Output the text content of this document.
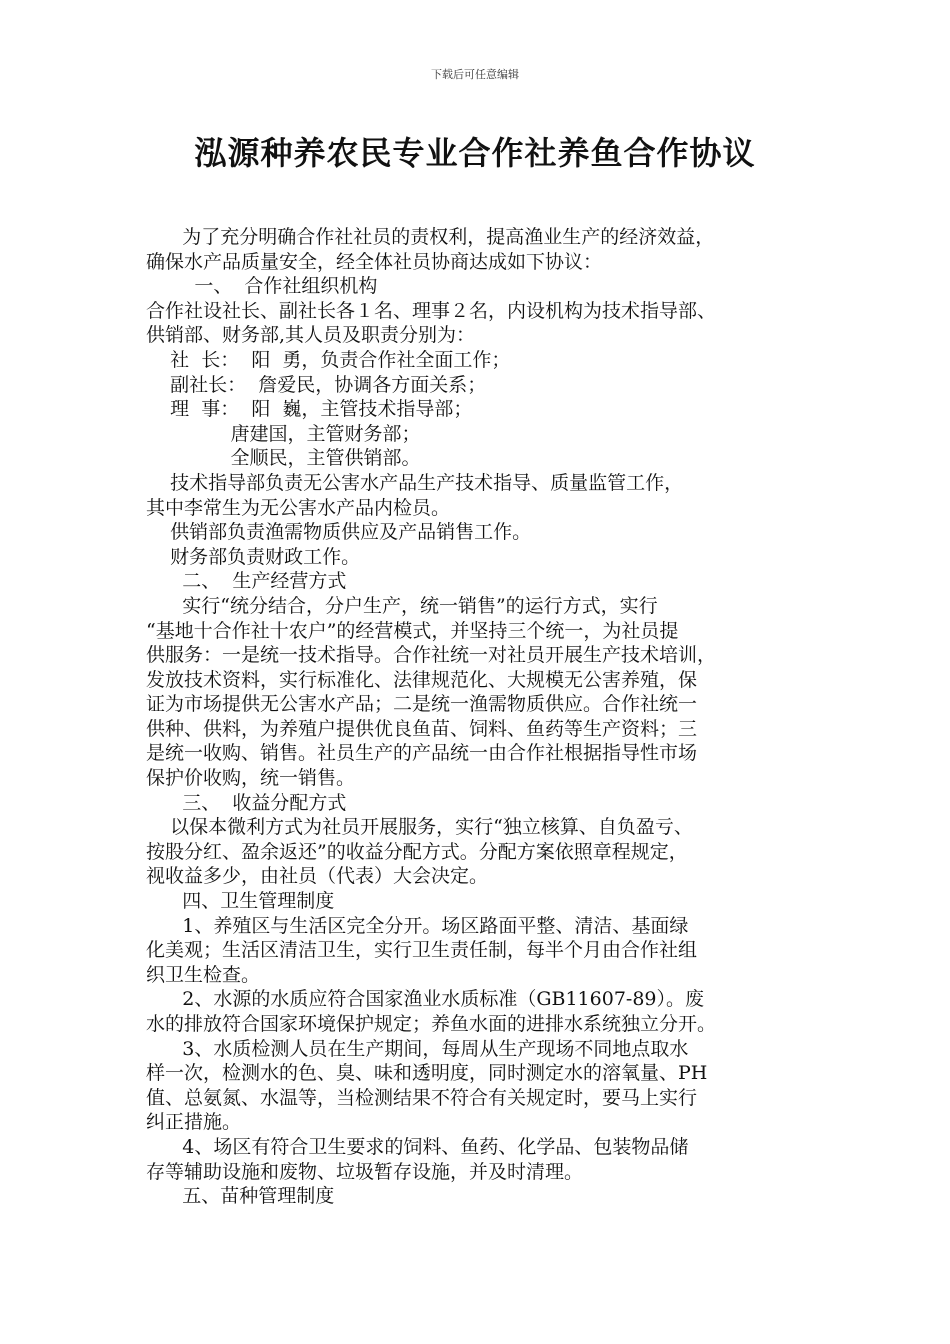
下载后可任意编辑
泓源种养农民专业合作社养鱼合作协议
为了充分明确合作社社员的责权利，提高渔业生产的经济效益，
确保水产品质量安全，经全体社员协商达成如下协议：
一、  合作社组织机构
合作社设社长、副社长各１名、理事２名，内设机构为技术指导部、
供销部、财务部,其人员及职责分别为：
社  长：  阳  勇，负责合作社全面工作；
副社长：  詹爱民，协调各方面关系；
理  事：  阳  巍，主管技术指导部；
唐建国，主管财务部；
全顺民，主管供销部。
技术指导部负责无公害水产品生产技术指导、质量监管工作，
其中李常生为无公害水产品内检员。
供销部负责渔需物质供应及产品销售工作。
财务部负责财政工作。
二、  生产经营方式
实行“统分结合，分户生产，统一销售”的运行方式，实行
“基地十合作社十农户”的经营模式，并坚持三个统一，为社员提
供服务：一是统一技术指导。合作社统一对社员开展生产技术培训，
发放技术资料，实行标准化、法律规范化、大规模无公害养殖，保
证为市场提供无公害水产品；二是统一渔需物质供应。合作社统一
供种、供料，为养殖户提供优良鱼苗、饲料、鱼药等生产资料；三
是统一收购、销售。社员生产的产品统一由合作社根据指导性市场
保护价收购，统一销售。
三、  收益分配方式
以保本微利方式为社员开展服务，实行“独立核算、自负盈亏、
按股分红、盈余返还”的收益分配方式。分配方案依照章程规定，
视收益多少，由社员（代表）大会决定。
四、卫生管理制度
1、养殖区与生活区完全分开。场区路面平整、清洁、基面绿
化美观；生活区清洁卫生，实行卫生责任制，每半个月由合作社组
织卫生检查。
2、水源的水质应符合国家渔业水质标准（GB11607-89）。废
水的排放符合国家环境保护规定；养鱼水面的进排水系统独立分开。
3、水质检测人员在生产期间，每周从生产现场不同地点取水
样一次，检测水的色、臭、味和透明度，同时测定水的溶氧量、PH
值、总氨氮、水温等，当检测结果不符合有关规定时，要马上实行
纠正措施。
4、场区有符合卫生要求的饲料、鱼药、化学品、包装物品储
存等辅助设施和废物、垃圾暂存设施，并及时清理。
五、苗种管理制度
